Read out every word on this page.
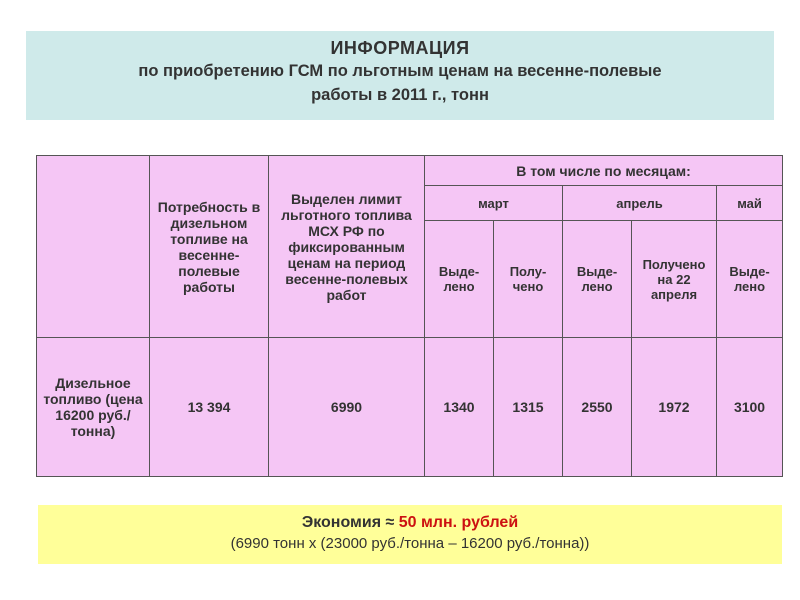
ИНФОРМАЦИЯ
по приобретению ГСМ по льготным ценам на весенне-полевые
работы в 2011 г., тонн
	Потребность в дизельном топливе на весенне-полевые работы	Выделен лимит льготного топлива МСХ РФ по фиксированным ценам на период весенне-полевых работ	В том числе по месяцам:				
			март		апрель		май
			Выде-лено	Полу-чено	Выде-лено	Получено на 22 апреля	Выде-лено
Дизельное топливо (цена 16200 руб./тонна)	13 394	6990	1340	1315	2550	1972	3100
Экономия ≈ 50 млн. рублей
(6990 тонн х (23000 руб./тонна – 16200 руб./тонна))
